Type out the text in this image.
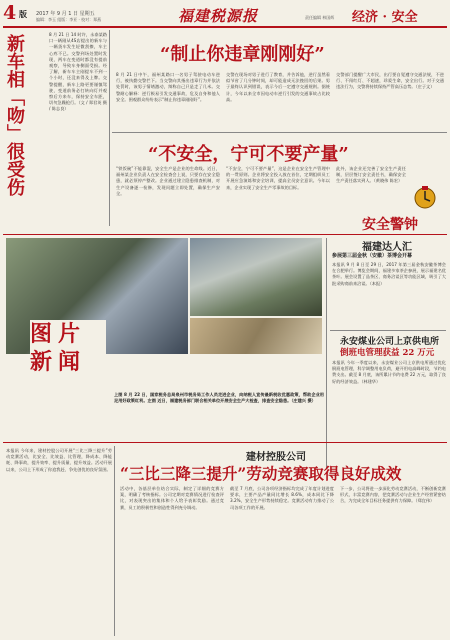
4 版 2017 年 9 月 1 日 星期五
编辑：李玉 组版：李亚 · 校对：郑燕	福建税源报	责任编辑 林国辉 经济 · 安全
新车相「吻」很受伤	8 月 21 日 14 时许，永泰某路口一辆刚从4S店提出的新车与一辆货车发生轻微刮擦，车主心疼不已。交警到场处置时发现，两车在变道时都没有提前观察，导致车身侧面受损。经了解，新车车主刚提车不到一个小时，还没来得及上牌。交警提醒，新车上路更要谨慎驾驶，变道前务必打转向灯并观察后方来车，保持安全车距，切勿急躁抢行。（文 / 郑君英 摄 / 陈志良）
“制止你违章刚刚好”
8 月 21 日中午，福州某路口一名男子驾驶电动车逆行，被执勤交警拦下。当交警向其指出违章行为并依法处罚时，该男子情绪激动，辩称自己只是走了几米。交警耐心解释：逆行极易引发交通事故，危及自身和他人安全。围观群众纷纷表示“制止你违章刚刚好”。
交警在现场对男子进行了教育，并告诉他，逆行虽然看似节省了几分钟时间，却可能造成无法挽回的后果。男子最终认识到错误，表示今后一定遵守交通规则。据统计，今年以来全市因电动车逆行引发的交通事故占比较高。
交警部门提醒广大市民，出行要自觉遵守交通法规，不逆行、不闯红灯、不超速，珍爱生命，安全出行。对于交通违法行为，交警将持续保持严管高压态势。（庄子文）
“不安全，宁可不要产量”
“铁饭碗”不能靠混，安全生产是企业的生命线。近日，福州某企业负责人在安全检查会上说，只要存在安全隐患，就必须停产整改。企业通过建立隐患排查机制，对生产设备逐一检修，发现问题立即处置，确保生产安全。
“不安全，宁可不要产量”，这是企业在安全生产管理中的一贯原则。企业将安全投入放在首位，定期组织员工开展应急演练和安全培训，提高全员安全意识。今年以来，企业实现了安全生产零事故的目标。
此外，该企业还完善了安全生产责任制，层层签订安全责任书，确保安全生产责任落实到人。（黄晓伟 陈宏）
安全警钟
图片
新闻
上图 8 月 22 日，国家税务总局泉州市税务局工作人员走进企业，向纳税人宣传最新税收优惠政策，帮助企业用足用好政策红利。左图 近日，福建税务部门联合相关单位开展安全生产大检查，排查安全隐患。（庄建兴 摄）
福建达人汇
参展第三届金秋（安徽）茶博会开幕
本报讯 9 月 8 日至 29 日，2017 年第三届金秋安徽茶博会在合肥举行。博览会期间，福建多家茶企参展，展示福建名优茶叶。展会设置了品茶区、商务洽谈区等功能区域，吸引了大批采购商前来洽谈。（本报）
永安煤业公司上京供电所
倒班电管理获益 22 万元
本报讯 今年一季度以来，永安煤业公司上京供电所通过优化倒班电管理，科学调整用电负荷，避开用电高峰时段，节约电费支出。截至 8 月底，该所累计节约电费 22 万元，取得了良好的经济效益。（林建华）
本报讯 今年来，建材控股公司开展“三比三降三提升”劳动竞赛活动，比安全、比效益、比管理，降成本、降能耗、降事故，提升效率、提升质量、提升效益。活动开展以来，公司上下形成了你追我赶、争先创优的良好氛围。
建材控股公司
“三比三降三提升”劳动竞赛取得良好成效
活动中，各基层单位结合实际，制定了详细的竞赛方案，明确了考核指标。公司定期对竞赛情况进行检查评比，对表现突出的集体和个人给予表彰奖励。通过竞赛，员工的积极性和创造性得到充分调动。
截至 7 月底，公司各项经济指标均完成了年度计划进度要求，主要产品产量同比增长 8.6%，成本同比下降 3.2%，安全生产形势持续稳定。竞赛活动有力推动了公司各项工作的开展。
下一步，公司将进一步深化劳动竞赛活动，不断创新竞赛形式，丰富竞赛内容，把竞赛活动与企业生产经营紧密结合，为完成全年目标任务提供有力保障。（郑宜伟）
